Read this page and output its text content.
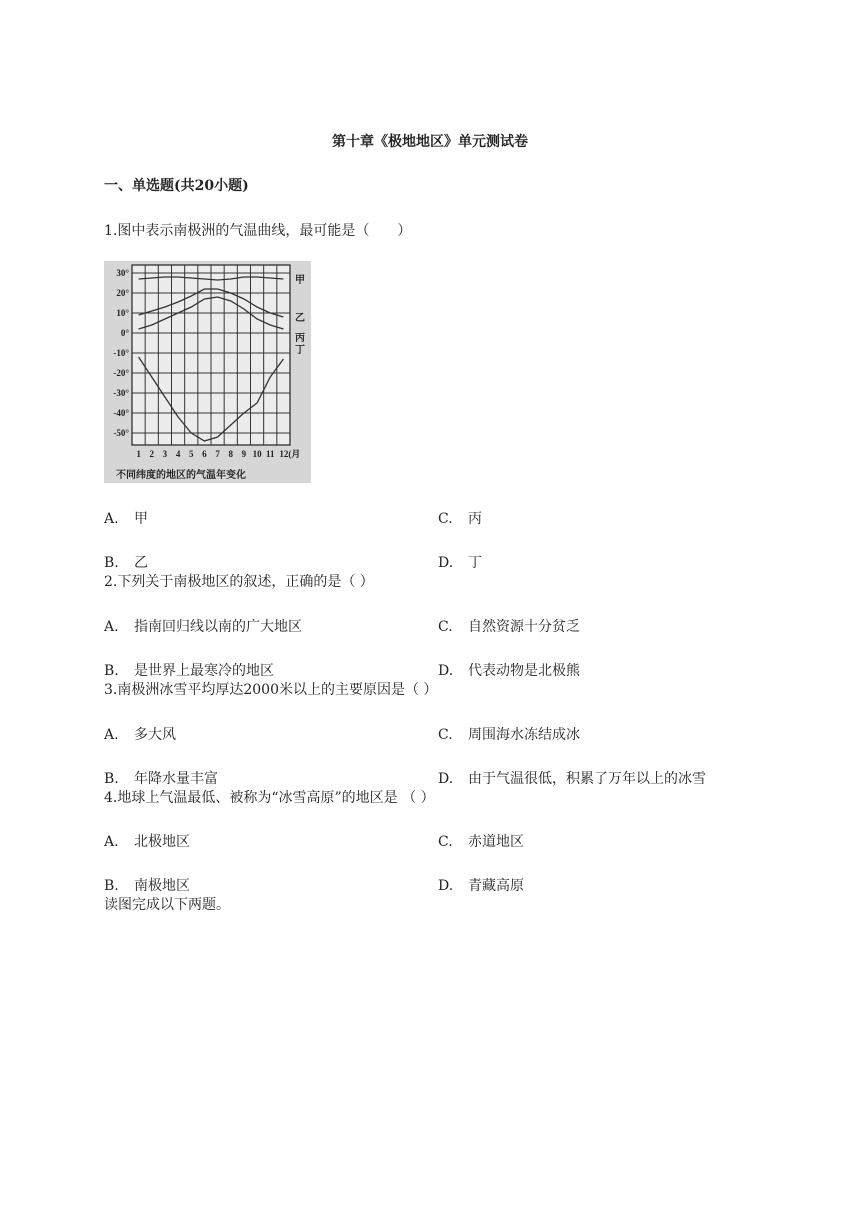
第十章《极地地区》单元测试卷
一、单选题(共20小题)
1.图中表示南极洲的气温曲线，最可能是（　　）
30°
20°
10°
0°
-10°
-20°
-30°
-40°
-50°
1 2 3 4 5 6 7 8 9 10 11 12(月
甲
乙
丙
丁
不同纬度的地区的气温年变化
A. 甲
B. 乙
C. 丙
D. 丁
2.下列关于南极地区的叙述，正确的是（ ）
A. 指南回归线以南的广大地区
B. 是世界上最寒冷的地区
C. 自然资源十分贫乏
D. 代表动物是北极熊
3.南极洲冰雪平均厚达2000米以上的主要原因是（ ）
A. 多大风
B. 年降水量丰富
C. 周围海水冻结成冰
D. 由于气温很低，积累了万年以上的冰雪
4.地球上气温最低、被称为“冰雪高原”的地区是 （ ）
A. 北极地区
B. 南极地区
C. 赤道地区
D. 青藏高原
读图完成以下两题。
